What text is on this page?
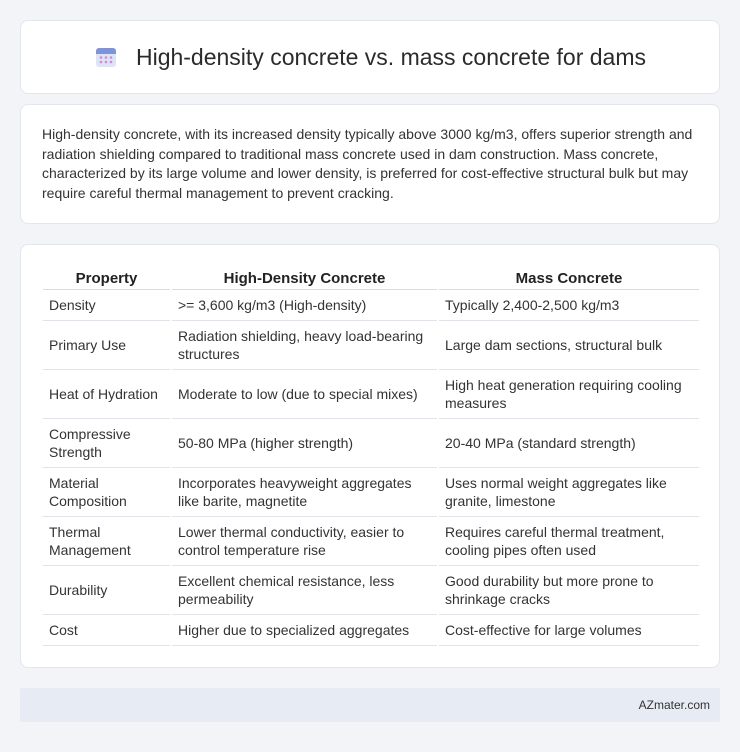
High-density concrete vs. mass concrete for dams

High-density concrete, with its increased density typically above 3000 kg/m3, offers superior strength and radiation shielding compared to traditional mass concrete used in dam construction. Mass concrete, characterized by its large volume and lower density, is preferred for cost-effective structural bulk but may require careful thermal management to prevent cracking.

Property	High-Density Concrete	Mass Concrete
Density	>= 3,600 kg/m3 (High-density)	Typically 2,400-2,500 kg/m3
Primary Use	Radiation shielding, heavy load-bearing structures	Large dam sections, structural bulk
Heat of Hydration	Moderate to low (due to special mixes)	High heat generation requiring cooling measures
Compressive Strength	50-80 MPa (higher strength)	20-40 MPa (standard strength)
Material Composition	Incorporates heavyweight aggregates like barite, magnetite	Uses normal weight aggregates like granite, limestone
Thermal Management	Lower thermal conductivity, easier to control temperature rise	Requires careful thermal treatment, cooling pipes often used
Durability	Excellent chemical resistance, less permeability	Good durability but more prone to shrinkage cracks
Cost	Higher due to specialized aggregates	Cost-effective for large volumes
AZmater.com
